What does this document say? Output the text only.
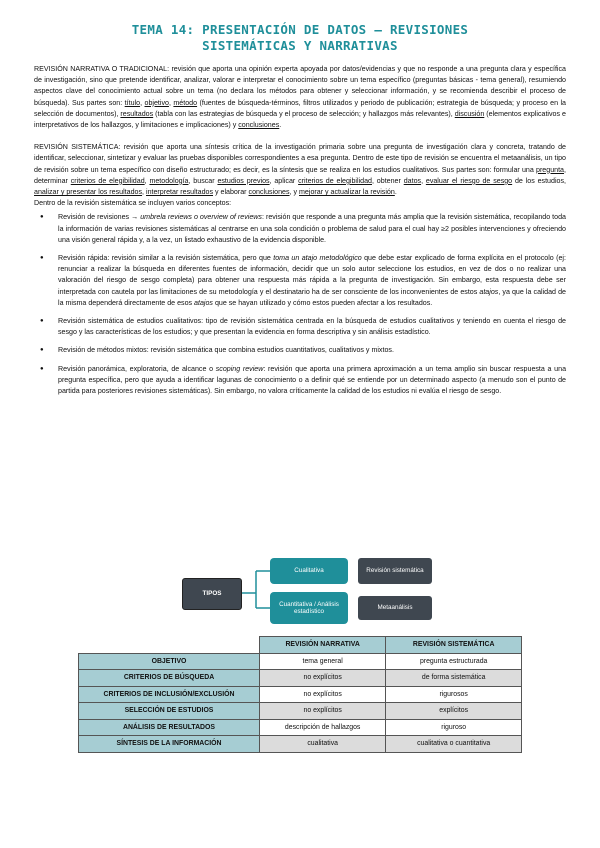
TEMA 14: PRESENTACIÓN DE DATOS – REVISIONES
SISTEMÁTICAS Y NARRATIVAS

REVISIÓN NARRATIVA O TRADICIONAL: revisión que aporta una opinión experta apoyada por datos/evidencias y que no responde a una pregunta clara y específica de investigación, sino que pretende identificar, analizar, valorar e interpretar el conocimiento sobre un tema específico (preguntas básicas - tema general), resumiendo aspectos clave del conocimiento actual sobre un tema (no declara los métodos para obtener y seleccionar información, y se recomienda describir el proceso de búsqueda). Sus partes son: título, objetivo, método (fuentes de búsqueda-términos, filtros utilizados y periodo de publicación; estrategia de búsqueda; y proceso en la selección de documentos), resultados (tabla con las estrategias de búsqueda y el proceso de selección; y hallazgos más relevantes), discusión (elementos explicativos e interpretativos de los hallazgos, y limitaciones e implicaciones) y conclusiones.

REVISIÓN SISTEMÁTICA: revisión que aporta una síntesis crítica de la investigación primaria sobre una pregunta de investigación clara y concreta, tratando de identificar, seleccionar, sintetizar y evaluar las pruebas disponibles correspondientes a esa pregunta. Dentro de este tipo de revisión se encuentra el metaanálisis, un tipo de revisión sobre un tema específico con diseño estructurado; es decir, es la síntesis que se realiza en los estudios cualitativos. Sus partes son: formular una pregunta, determinar criterios de elegibilidad, metodología, buscar estudios previos, aplicar criterios de elegibilidad, obtener datos, evaluar el riesgo de sesgo de los estudios, analizar y presentar los resultados, interpretar resultados y elaborar conclusiones, y mejorar y actualizar la revisión.

Dentro de la revisión sistemática se incluyen varios conceptos:

● Revisión de revisiones → umbrela reviews o overview of reviews: revisión que responde a una pregunta más amplia que la revisión sistemática, recopilando toda la información de varias revisiones sistemáticas al centrarse en una sola condición o problema de salud para el cual hay ≥2 posibles intervenciones y ofreciendo una visión general rápida y, a la vez, un listado exhaustivo de la evidencia disponible.
● Revisión rápida: revisión similar a la revisión sistemática, pero que toma un atajo metodológico que debe estar explicado de forma explícita en el protocolo (ej: renunciar a realizar la búsqueda en diferentes fuentes de información, decidir que un solo autor seleccione los estudios, en vez de dos o no realizar una valoración del riesgo de sesgo completa) para obtener una respuesta más rápida a la pregunta de investigación. Sin embargo, esta respuesta debe ser interpretada con cautela por las limitaciones de su metodología y el destinatario ha de ser consciente de los inconvenientes de estos atajos, ya que la calidad de la misma dependerá directamente de esos atajos que se hayan utilizado y cómo estos pueden afectar a los resultados.
● Revisión sistemática de estudios cualitativos: tipo de revisión sistemática centrada en la búsqueda de estudios cualitativos y teniendo en cuenta el riesgo de sesgo y las características de los estudios; y que presentan la evidencia en forma descriptiva y sin análisis estadístico.
● Revisión de métodos mixtos: revisión sistemática que combina estudios cuantitativos, cualitativos y mixtos.
● Revisión panorámica, exploratoria, de alcance o scoping review: revisión que aporta una primera aproximación a un tema amplio sin buscar respuesta a una pregunta específica, pero que ayuda a identificar lagunas de conocimiento o a definir qué se entiende por un determinado aspecto (a menudo son el punto de partida para posteriores revisiones sistemáticas). Sin embargo, no valora críticamente la calidad de los estudios ni evalúa el riesgo de sesgo.
TIPOS
Cualitativa
Cuantitativa / Análisis estadístico
Revisión sistemática
Metaanálisis
	REVISIÓN NARRATIVA	REVISIÓN SISTEMÁTICA
OBJETIVO	tema general	pregunta estructurada
CRITERIOS DE BÚSQUEDA	no explícitos	de forma sistemática
CRITERIOS DE INCLUSIÓN/EXCLUSIÓN	no explícitos	rigurosos
SELECCIÓN DE ESTUDIOS	no explícitos	explícitos
ANÁLISIS DE RESULTADOS	descripción de hallazgos	riguroso
SÍNTESIS DE LA INFORMACIÓN	cualitativa	cualitativa o cuantitativa
